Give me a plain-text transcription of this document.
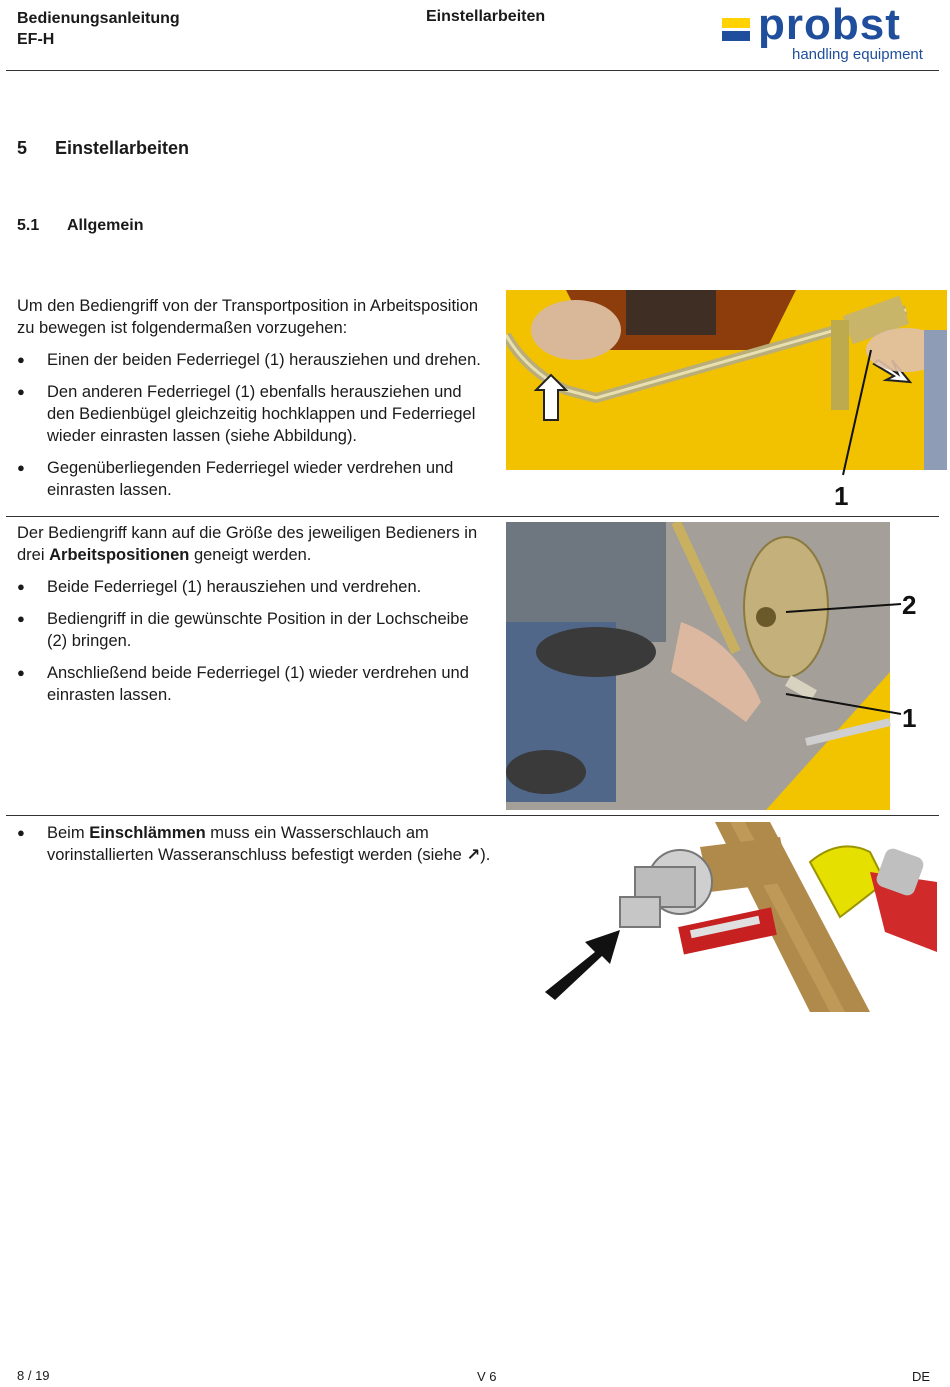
Bedienungsanleitung
EF-H
Einstellarbeiten	probst
handling equipment
5 Einstellarbeiten
5.1 Allgemein

Um den Bediengriff von der Transportposition in Arbeitsposition zu bewegen ist folgendermaßen vorzugehen:

● Einen der beiden Federriegel (1) herausziehen und drehen.
● Den anderen Federriegel (1) ebenfalls herausziehen und den Bedienbügel gleichzeitig hochklappen und Federriegel wieder einrasten lassen (siehe Abbildung).
● Gegenüberliegenden Federriegel wieder verdrehen und einrasten lassen.	1

Der Bediengriff kann auf die Größe des jeweiligen Bedieners in drei Arbeitspositionen geneigt werden.

● Beide Federriegel (1) herausziehen und verdrehen.
● Bediengriff in die gewünschte Position in der Lochscheibe (2) bringen.
● Anschließend beide Federriegel (1) wieder verdrehen und einrasten lassen.
2
1
● Beim Einschlämmen muss ein Wasserschlauch am vorinstallierten Wasseranschluss befestigt werden (siehe ↗).
8 / 19	V 6	DE
